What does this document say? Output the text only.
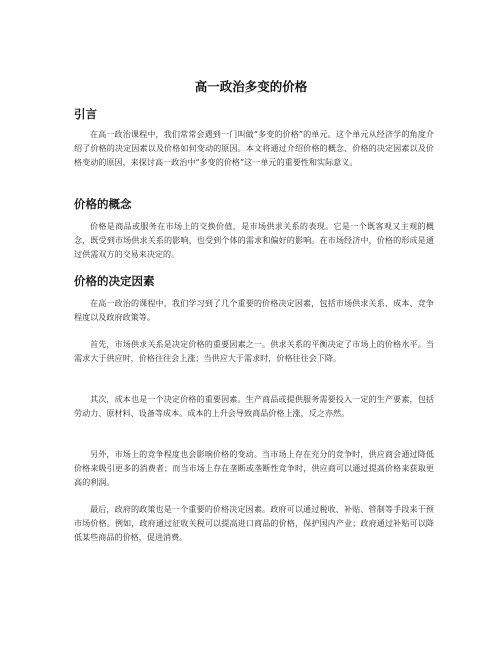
高一政治多变的价格
引言

在高一政治课程中，我们常常会遇到一门叫做“多变的价格”的单元。这个单元从经济学的角度介绍了价格的决定因素以及价格如何变动的原因。本文将通过介绍价格的概念、价格的决定因素以及价格变动的原因，来探讨高一政治中“多变的价格”这一单元的重要性和实际意义。

价格的概念

价格是商品或服务在市场上的交换价值，是市场供求关系的表现。它是一个既客观又主观的概念，既受到市场供求关系的影响，也受到个体的需求和偏好的影响。在市场经济中，价格的形成是通过供需双方的交易来决定的。

价格的决定因素

在高一政治的课程中，我们学习到了几个重要的价格决定因素，包括市场供求关系、成本、竞争程度以及政府政策等。

首先，市场供求关系是决定价格的重要因素之一。供求关系的平衡决定了市场上的价格水平。当需求大于供应时，价格往往会上涨；当供应大于需求时，价格往往会下降。

其次，成本也是一个决定价格的重要因素。生产商品或提供服务需要投入一定的生产要素，包括劳动力、原材料、设备等成本。成本的上升会导致商品价格上涨，反之亦然。

另外，市场上的竞争程度也会影响价格的变动。当市场上存在充分的竞争时，供应商会通过降低价格来吸引更多的消费者；而当市场上存在垄断或垄断性竞争时，供应商可以通过提高价格来获取更高的利润。

最后，政府的政策也是一个重要的价格决定因素。政府可以通过税收、补贴、管制等手段来干预市场价格。例如，政府通过征收关税可以提高进口商品的价格，保护国内产业；政府通过补贴可以降低某些商品的价格，促进消费。
